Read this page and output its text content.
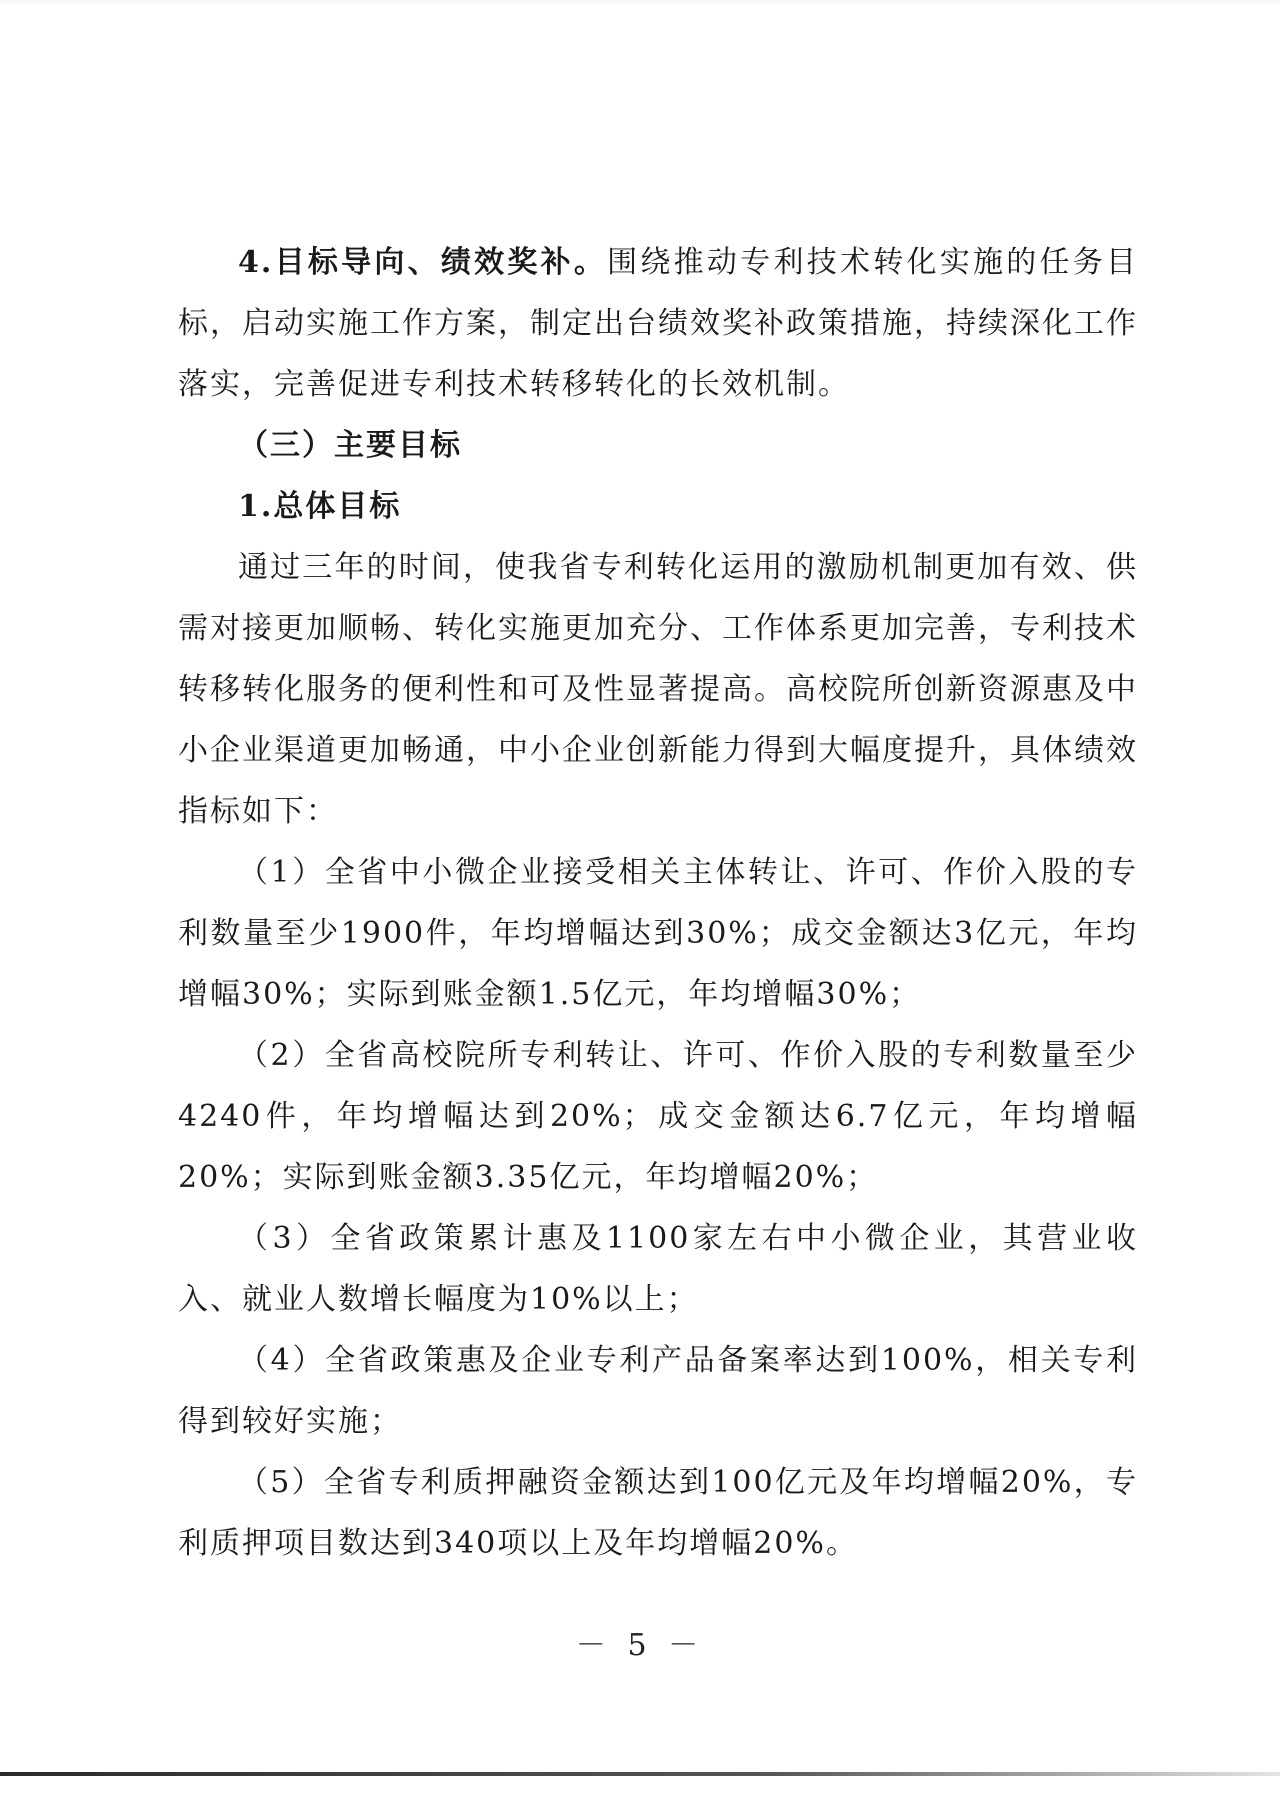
4.目标导向、绩效奖补。围绕推动专利技术转化实施的任务目标，启动实施工作方案，制定出台绩效奖补政策措施，持续深化工作落实，完善促进专利技术转移转化的长效机制。

（三）主要目标

1.总体目标

通过三年的时间，使我省专利转化运用的激励机制更加有效、供需对接更加顺畅、转化实施更加充分、工作体系更加完善，专利技术转移转化服务的便利性和可及性显著提高。高校院所创新资源惠及中小企业渠道更加畅通，中小企业创新能力得到大幅度提升，具体绩效指标如下：

（1）全省中小微企业接受相关主体转让、许可、作价入股的专利数量至少1900件，年均增幅达到30%；成交金额达3亿元，年均增幅30%；实际到账金额1.5亿元，年均增幅30%；

（2）全省高校院所专利转让、许可、作价入股的专利数量至少4240件，年均增幅达到20%；成交金额达6.7亿元，年均增幅20%；实际到账金额3.35亿元，年均增幅20%；

（3）全省政策累计惠及1100家左右中小微企业，其营业收入、就业人数增长幅度为10%以上；

（4）全省政策惠及企业专利产品备案率达到100%，相关专利得到较好实施；

（5）全省专利质押融资金额达到100亿元及年均增幅20%，专利质押项目数达到340项以上及年均增幅20%。

－ 5 －
